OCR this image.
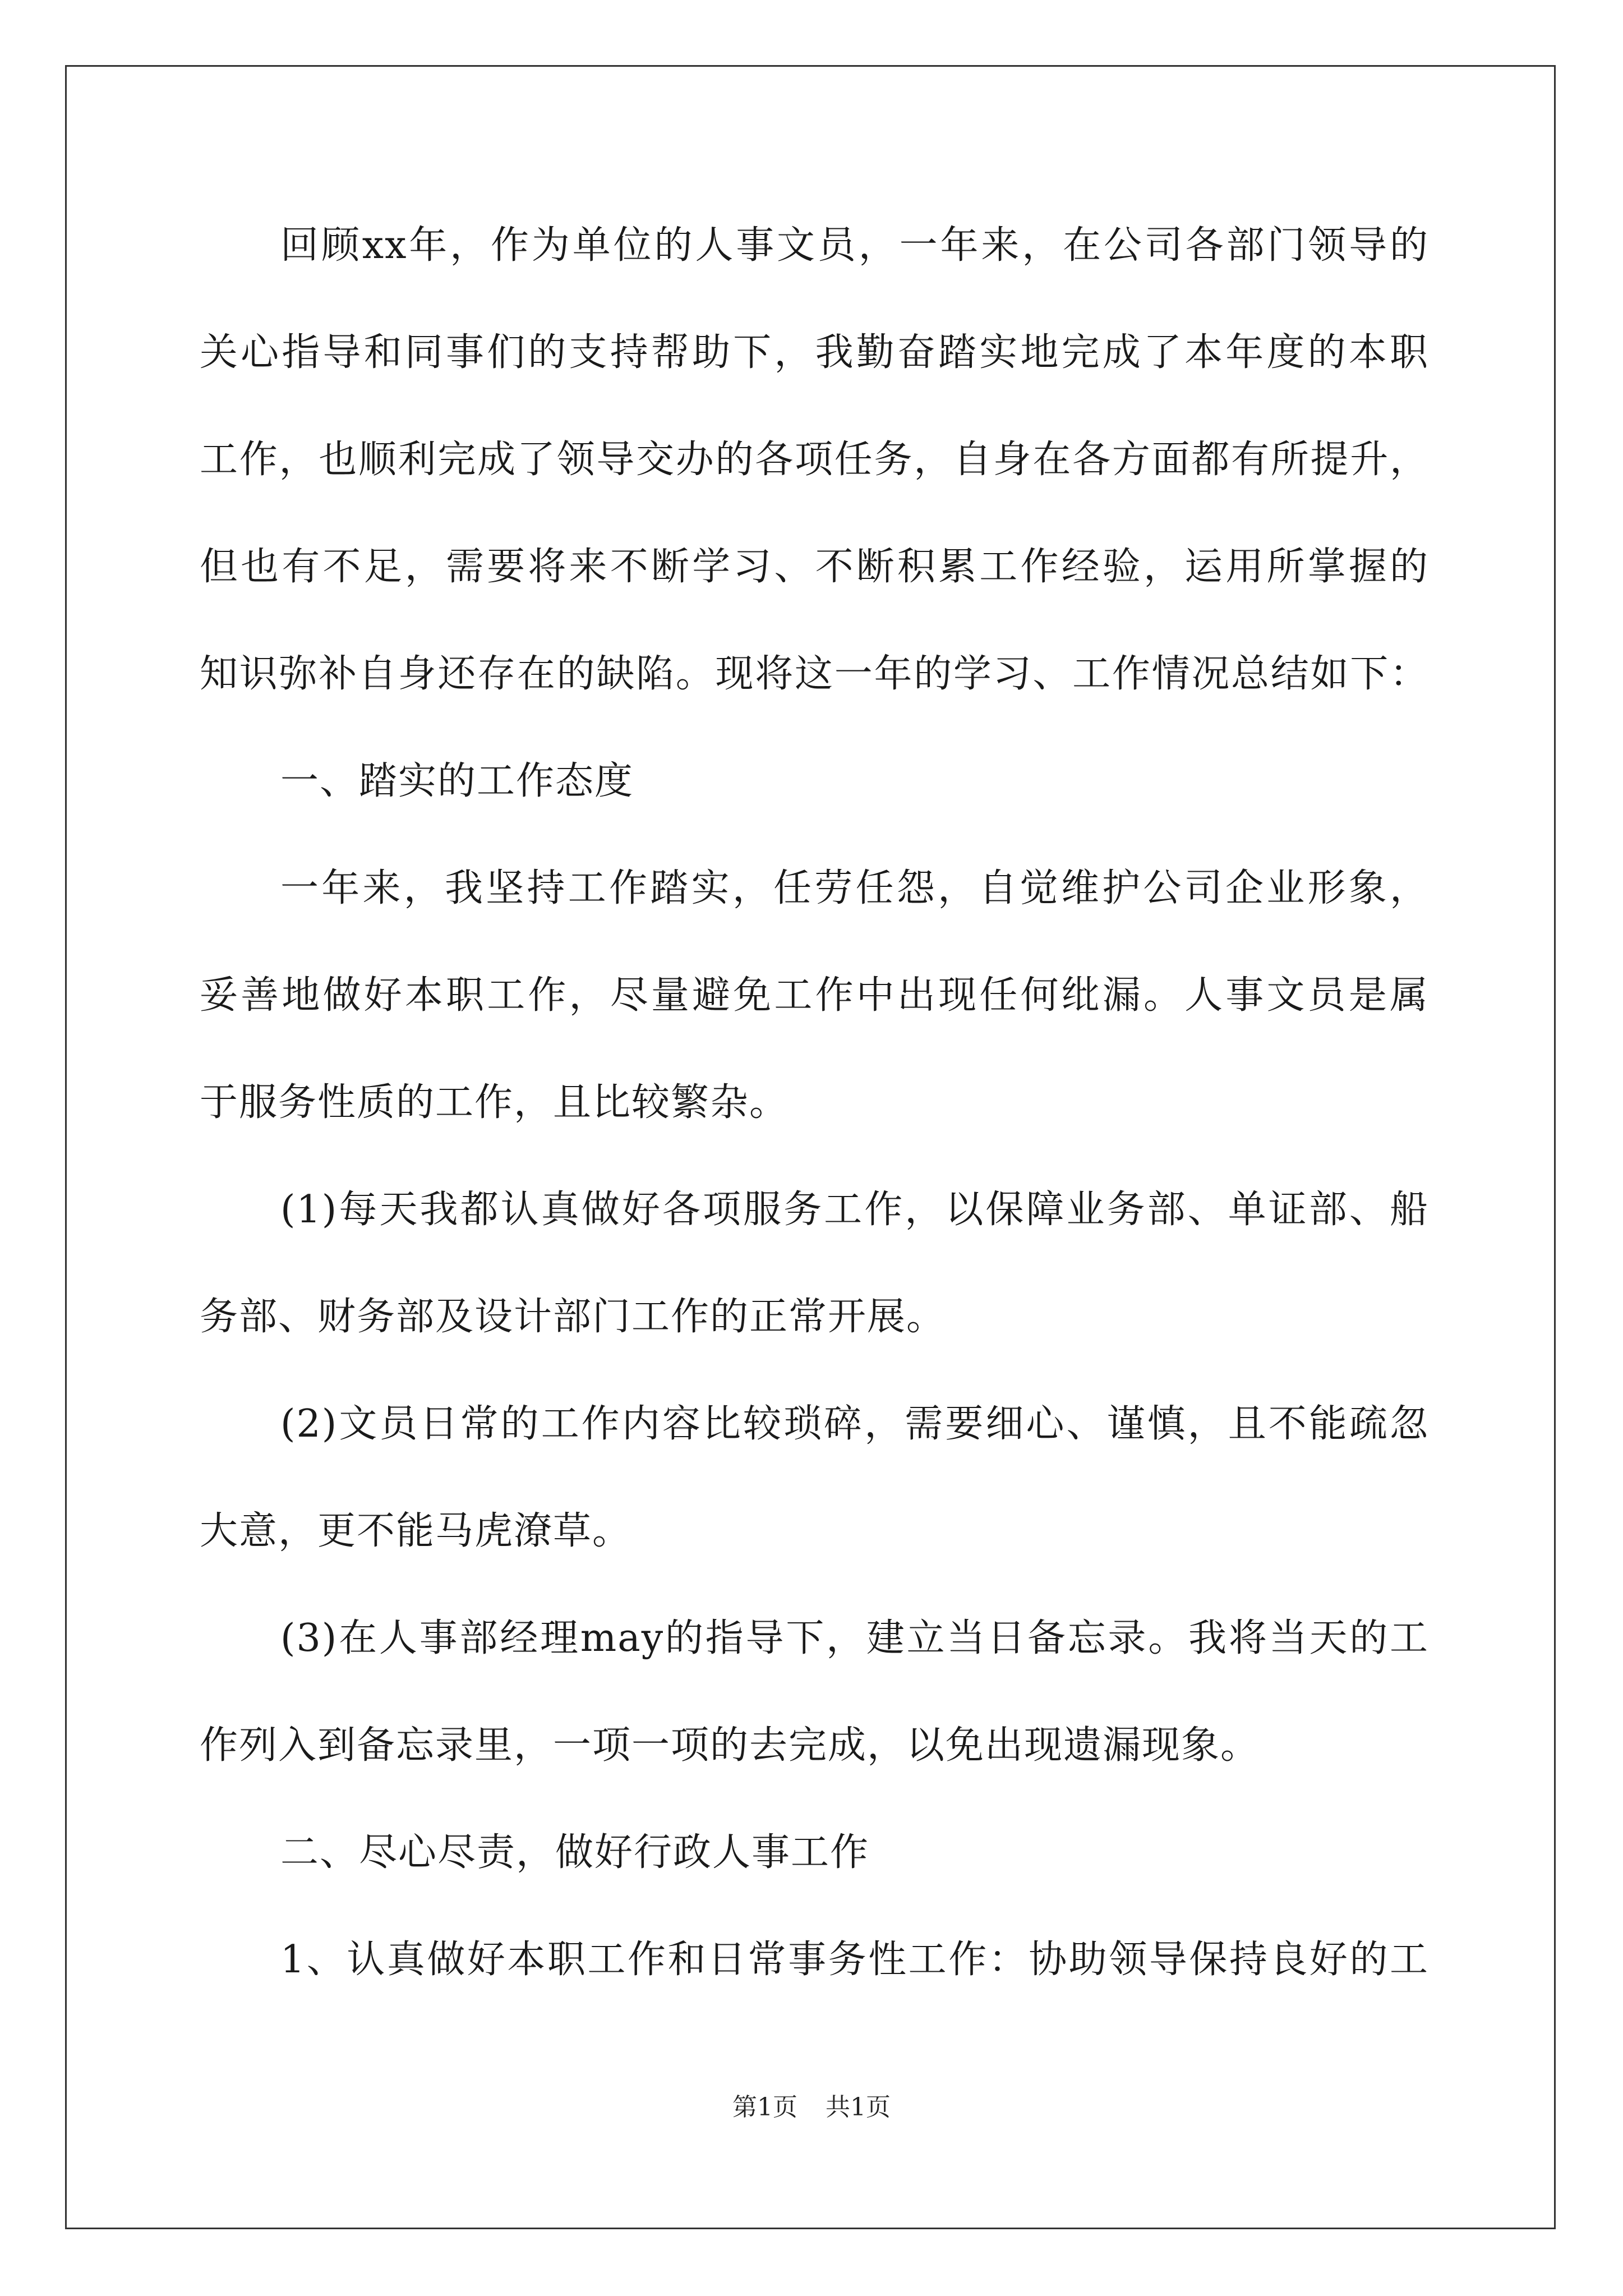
回顾xx年，作为单位的人事文员，一年来，在公司各部门领导的
关心指导和同事们的支持帮助下，我勤奋踏实地完成了本年度的本职
工作，也顺利完成了领导交办的各项任务，自身在各方面都有所提升，
但也有不足，需要将来不断学习、不断积累工作经验，运用所掌握的
知识弥补自身还存在的缺陷。现将这一年的学习、工作情况总结如下：
一、踏实的工作态度
一年来，我坚持工作踏实，任劳任怨，自觉维护公司企业形象，
妥善地做好本职工作，尽量避免工作中出现任何纰漏。人事文员是属
于服务性质的工作，且比较繁杂。
(1)每天我都认真做好各项服务工作，以保障业务部、单证部、船
务部、财务部及设计部门工作的正常开展。
(2)文员日常的工作内容比较琐碎，需要细心、谨慎，且不能疏忽
大意，更不能马虎潦草。
(3)在人事部经理may的指导下，建立当日备忘录。我将当天的工
作列入到备忘录里，一项一项的去完成，以免出现遗漏现象。
二、尽心尽责，做好行政人事工作
1、认真做好本职工作和日常事务性工作：协助领导保持良好的工
第1页 共1页
